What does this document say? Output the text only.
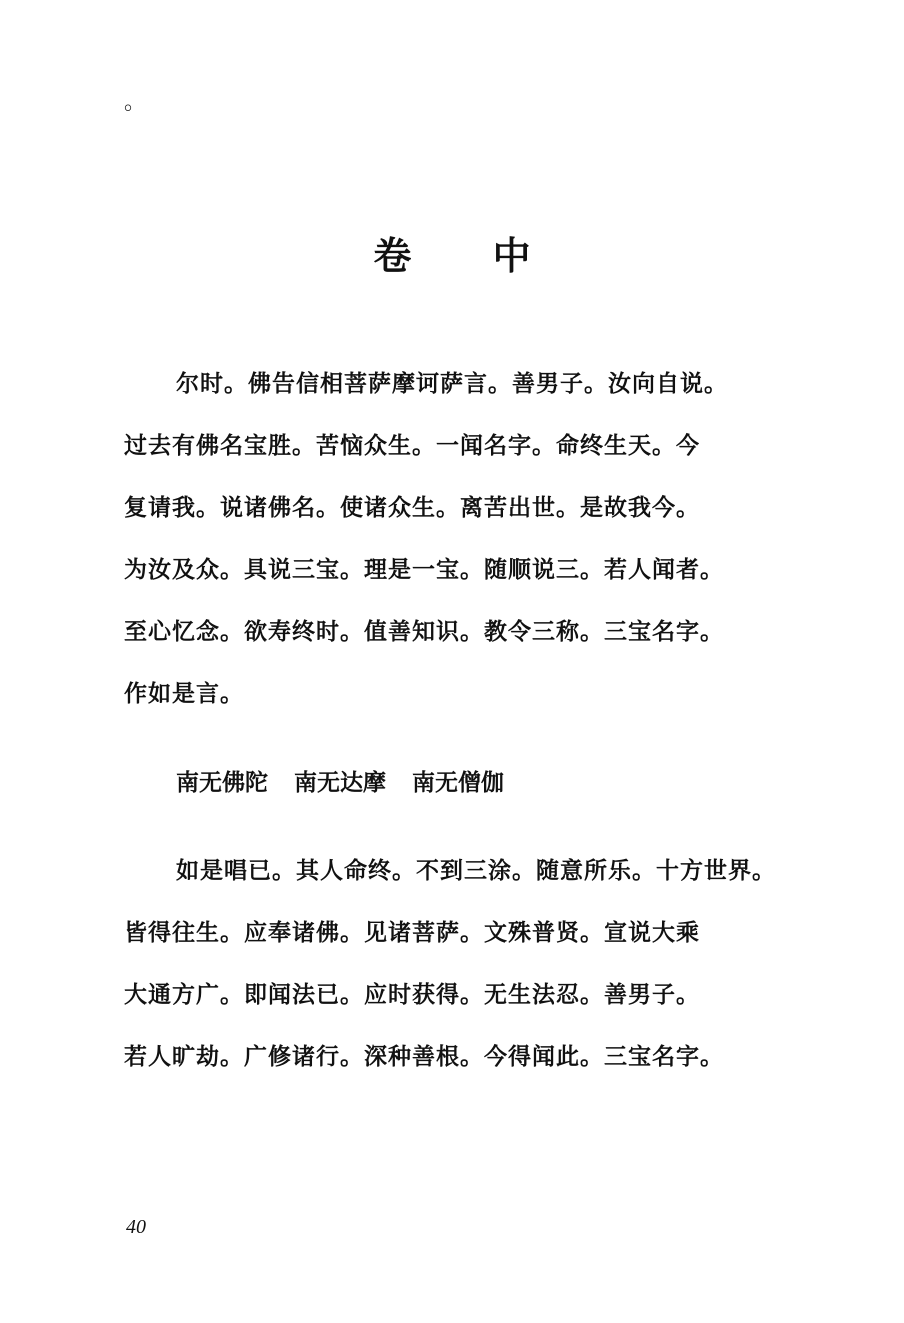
。
卷 中

尔时。佛告信相菩萨摩诃萨言。善男子。汝向自说。
过去有佛名宝胜。苦恼众生。一闻名字。命终生天。今
复请我。说诸佛名。使诸众生。离苦出世。是故我今。
为汝及众。具说三宝。理是一宝。随顺说三。若人闻者。
至心忆念。欲寿终时。值善知识。教令三称。三宝名字。
作如是言。

南无佛陀 南无达摩 南无僧伽

如是唱已。其人命终。不到三涂。随意所乐。十方世界。
皆得往生。应奉诸佛。见诸菩萨。文殊普贤。宣说大乘
大通方广。即闻法已。应时获得。无生法忍。善男子。
若人旷劫。广修诸行。深种善根。今得闻此。三宝名字。

40
